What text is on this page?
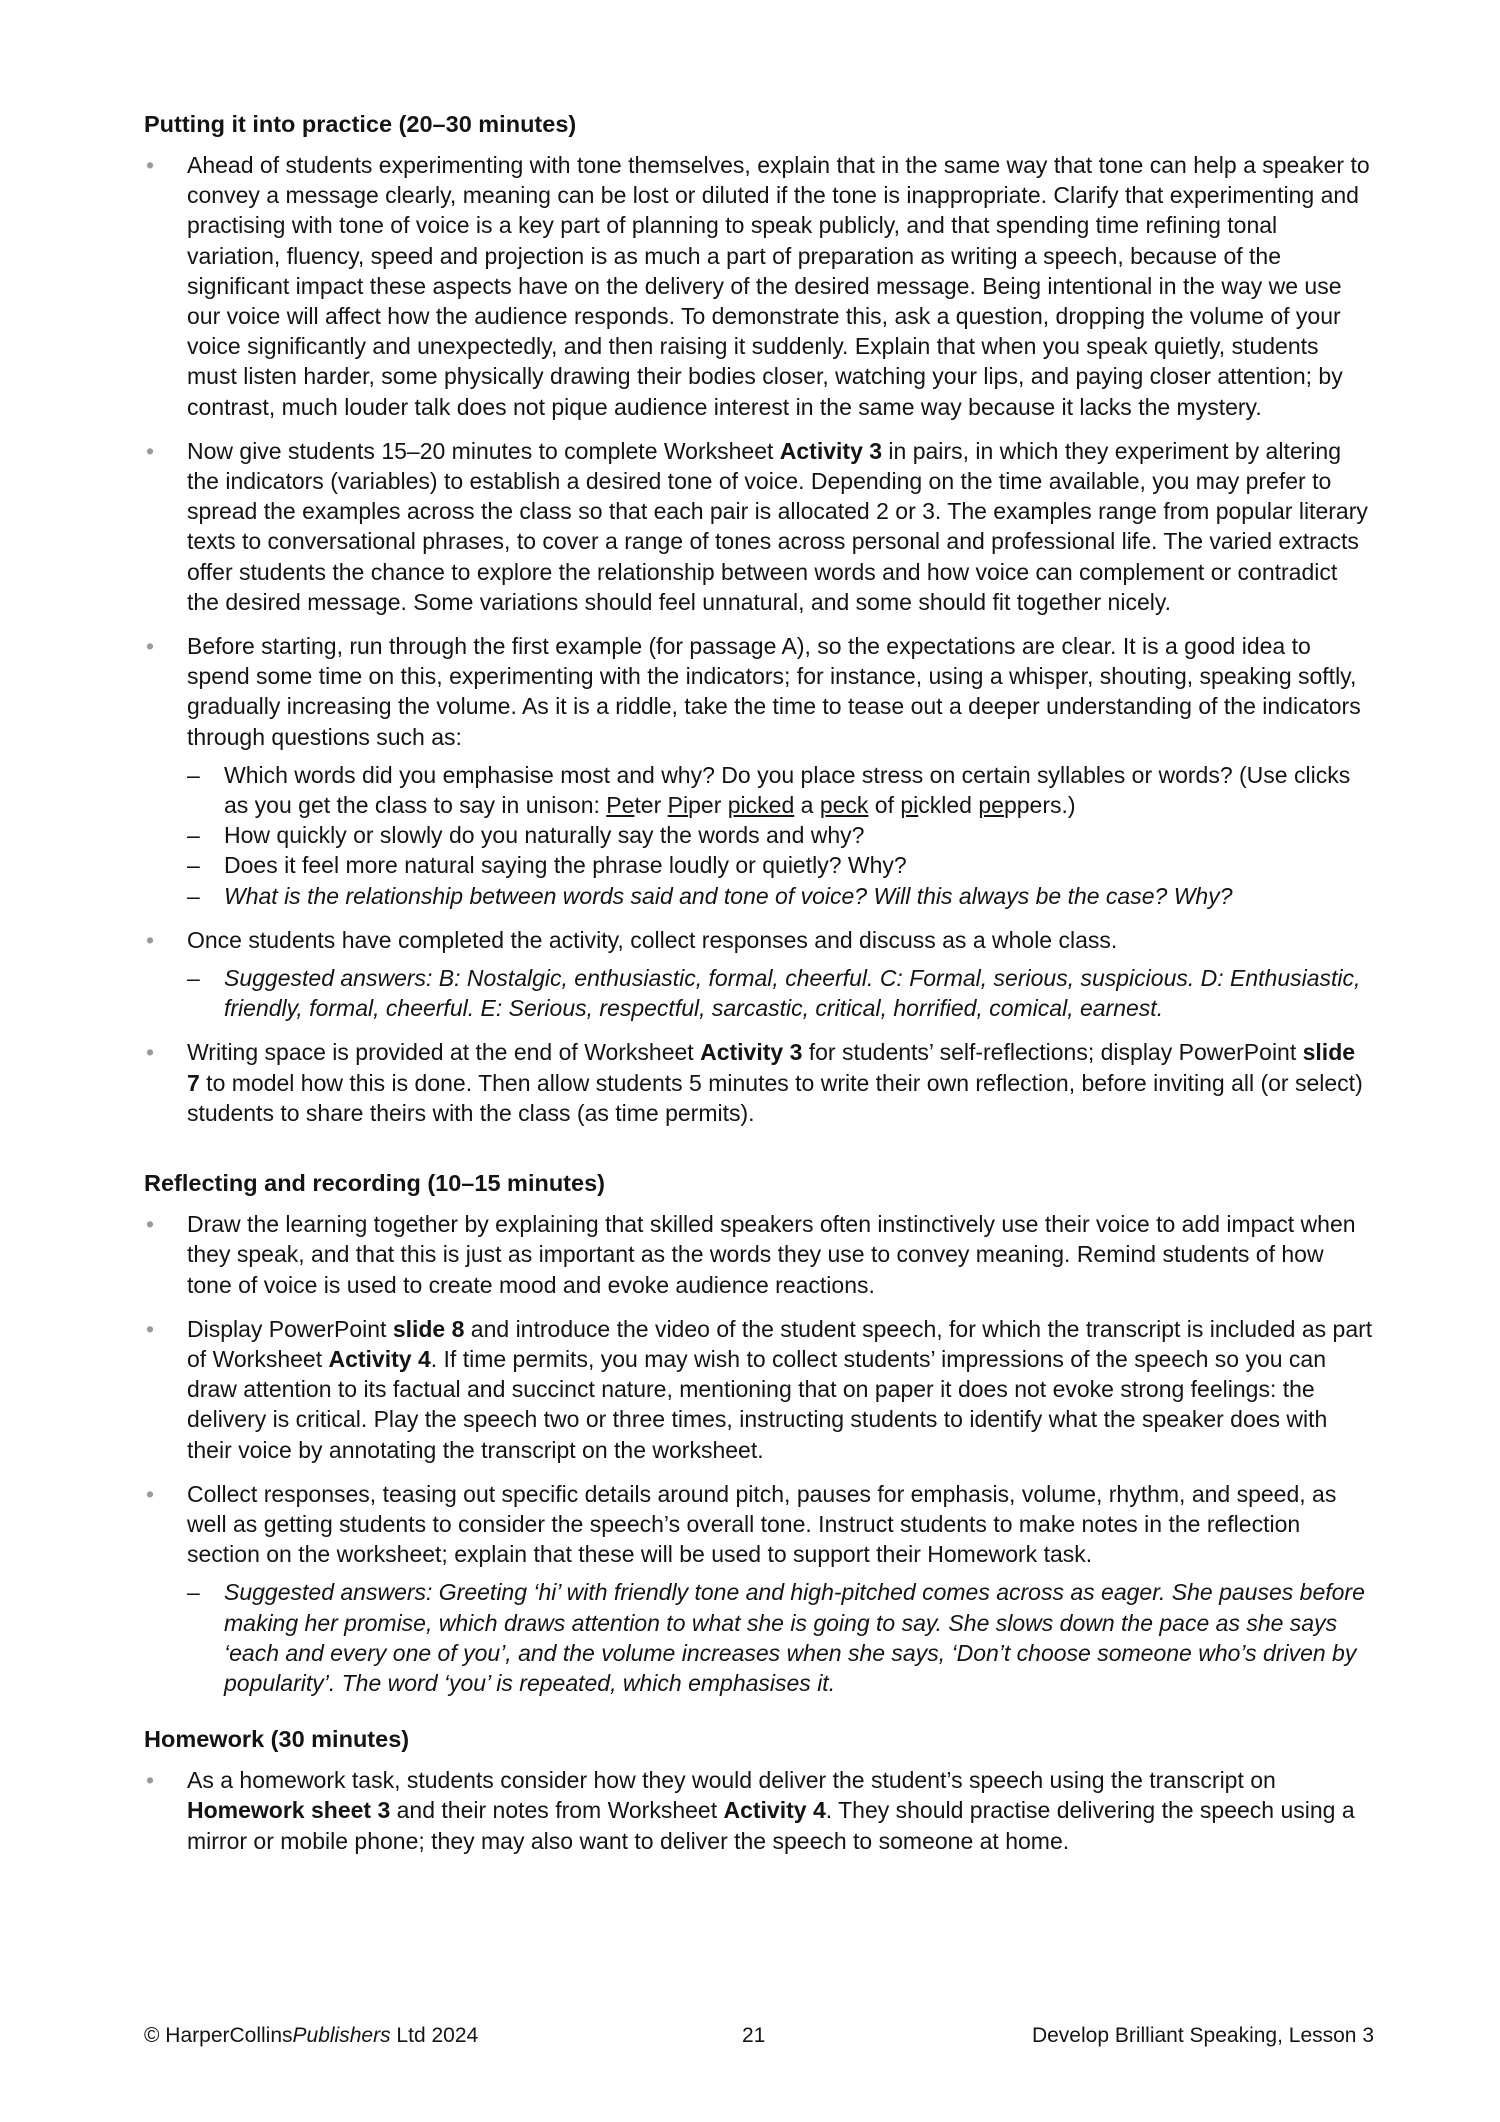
Putting it into practice (20–30 minutes)
• Ahead of students experimenting with tone themselves, explain that in the same way that tone can help a speaker to convey a message clearly, meaning can be lost or diluted if the tone is inappropriate. Clarify that experimenting and practising with tone of voice is a key part of planning to speak publicly, and that spending time refining tonal variation, fluency, speed and projection is as much a part of preparation as writing a speech, because of the significant impact these aspects have on the delivery of the desired message. Being intentional in the way we use our voice will affect how the audience responds. To demonstrate this, ask a question, dropping the volume of your voice significantly and unexpectedly, and then raising it suddenly. Explain that when you speak quietly, students must listen harder, some physically drawing their bodies closer, watching your lips, and paying closer attention; by contrast, much louder talk does not pique audience interest in the same way because it lacks the mystery.
• Now give students 15–20 minutes to complete Worksheet Activity 3 in pairs, in which they experiment by altering the indicators (variables) to establish a desired tone of voice. Depending on the time available, you may prefer to spread the examples across the class so that each pair is allocated 2 or 3. The examples range from popular literary texts to conversational phrases, to cover a range of tones across personal and professional life. The varied extracts offer students the chance to explore the relationship between words and how voice can complement or contradict the desired message. Some variations should feel unnatural, and some should fit together nicely.
• Before starting, run through the first example (for passage A), so the expectations are clear. It is a good idea to spend some time on this, experimenting with the indicators; for instance, using a whisper, shouting, speaking softly, gradually increasing the volume. As it is a riddle, take the time to tease out a deeper understanding of the indicators through questions such as:
– Which words did you emphasise most and why? Do you place stress on certain syllables or words? (Use clicks as you get the class to say in unison: Peter Piper picked a peck of pickled peppers.)
– How quickly or slowly do you naturally say the words and why?
– Does it feel more natural saying the phrase loudly or quietly? Why?
– What is the relationship between words said and tone of voice? Will this always be the case? Why?
• Once students have completed the activity, collect responses and discuss as a whole class.
– Suggested answers: B: Nostalgic, enthusiastic, formal, cheerful. C: Formal, serious, suspicious. D: Enthusiastic, friendly, formal, cheerful. E: Serious, respectful, sarcastic, critical, horrified, comical, earnest.
• Writing space is provided at the end of Worksheet Activity 3 for students’ self-reflections; display PowerPoint slide 7 to model how this is done. Then allow students 5 minutes to write their own reflection, before inviting all (or select) students to share theirs with the class (as time permits).
Reflecting and recording (10–15 minutes)
• Draw the learning together by explaining that skilled speakers often instinctively use their voice to add impact when they speak, and that this is just as important as the words they use to convey meaning. Remind students of how tone of voice is used to create mood and evoke audience reactions.
• Display PowerPoint slide 8 and introduce the video of the student speech, for which the transcript is included as part of Worksheet Activity 4. If time permits, you may wish to collect students’ impressions of the speech so you can draw attention to its factual and succinct nature, mentioning that on paper it does not evoke strong feelings: the delivery is critical. Play the speech two or three times, instructing students to identify what the speaker does with their voice by annotating the transcript on the worksheet.
• Collect responses, teasing out specific details around pitch, pauses for emphasis, volume, rhythm, and speed, as well as getting students to consider the speech’s overall tone. Instruct students to make notes in the reflection section on the worksheet; explain that these will be used to support their Homework task.
– Suggested answers: Greeting ‘hi’ with friendly tone and high-pitched comes across as eager. She pauses before making her promise, which draws attention to what she is going to say. She slows down the pace as she says ‘each and every one of you’, and the volume increases when she says, ‘Don’t choose someone who’s driven by popularity’. The word ‘you’ is repeated, which emphasises it.
Homework (30 minutes)
• As a homework task, students consider how they would deliver the student’s speech using the transcript on Homework sheet 3 and their notes from Worksheet Activity 4. They should practise delivering the speech using a mirror or mobile phone; they may also want to deliver the speech to someone at home.
© HarperCollinsPublishers Ltd 2024	21	Develop Brilliant Speaking, Lesson 3
